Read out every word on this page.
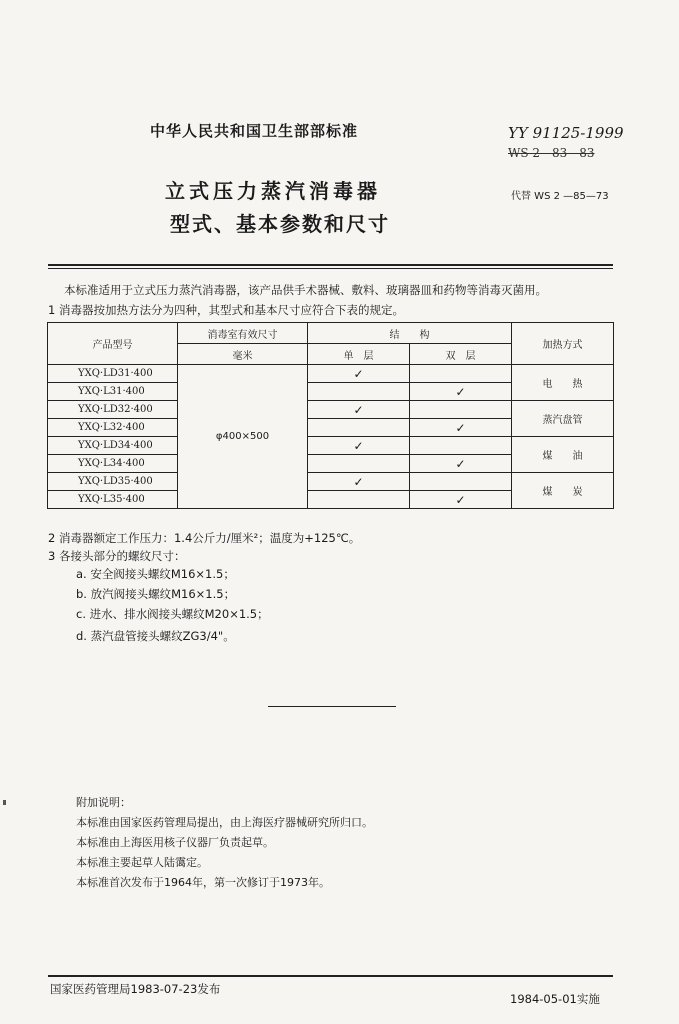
中华人民共和国卫生部部标准	YY 91125-1999
WS 2—83—83
立式压力蒸汽消毒器
型式、基本参数和尺寸
代替 WS 2 —85—73
本标准适用于立式压力蒸汽消毒器，该产品供手术器械、敷料、玻璃器皿和药物等消毒灭菌用。
1 消毒器按加热方法分为四种，其型式和基本尺寸应符合下表的规定。
产品型号	消毒室有效尺寸	结　　构		加热方式
	毫米	单　层	双　层	
YXQ·LD31·400	φ400×500	✓		电　　热
YXQ·L31·400			✓	
YXQ·LD32·400		✓		蒸汽盘管
YXQ·L32·400			✓	
YXQ·LD34·400		✓		煤　　油
YXQ·L34·400			✓	
YXQ·LD35·400		✓		煤　　炭
YXQ·L35·400			✓	
2 消毒器额定工作压力：1.4公斤力/厘米²；温度为+125℃。
3 各接头部分的螺纹尺寸：
a. 安全阀接头螺纹M16×1.5；
b. 放汽阀接头螺纹M16×1.5；
c. 进水、排水阀接头螺纹M20×1.5；
d. 蒸汽盘管接头螺纹ZG3/4"。
附加说明：
本标准由国家医药管理局提出，由上海医疗器械研究所归口。
本标准由上海医用核子仪器厂负责起草。
本标准主要起草人陆霭定。
本标准首次发布于1964年，第一次修订于1973年。
国家医药管理局1983-07-23发布
1984-05-01实施
